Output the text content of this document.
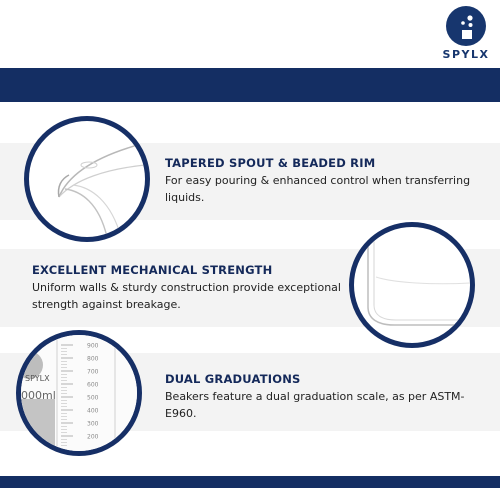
SPYLX
SPYLX
000ml
900
800
700
600
500
400
300
200
TAPERED SPOUT & BEADED RIM
For easy pouring & enhanced control when transferring liquids.
EXCELLENT MECHANICAL STRENGTH
Uniform walls & sturdy construction provide exceptional strength against breakage.
DUAL GRADUATIONS
Beakers feature a dual graduation scale, as per ASTM-E960.
